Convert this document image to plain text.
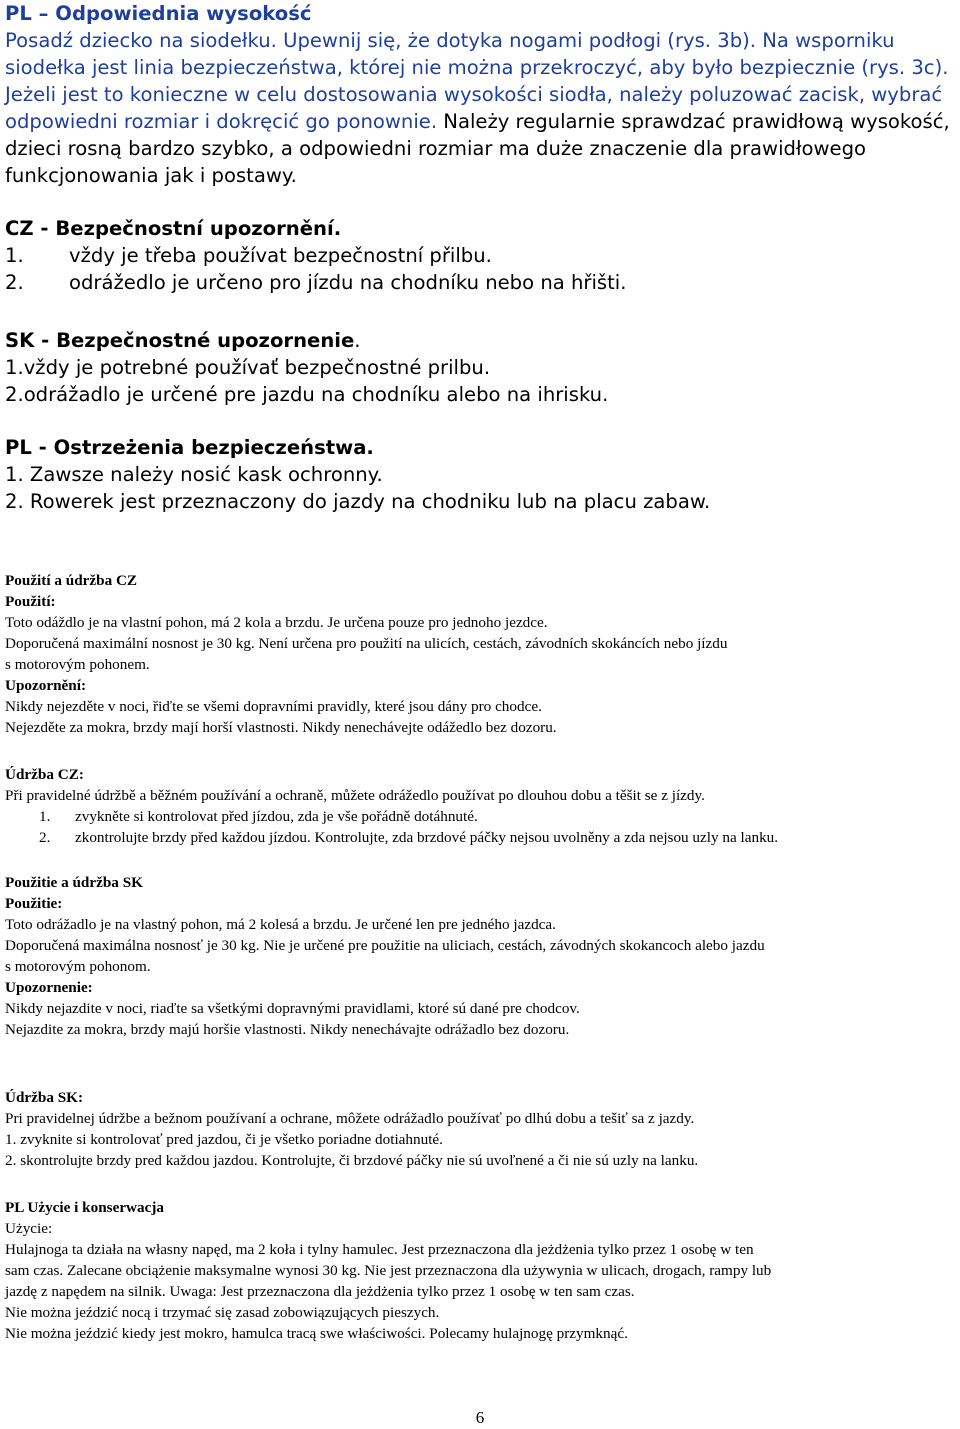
PL – Odpowiednia wysokość

Posadź dziecko na siodełku. Upewnij się, że dotyka nogami podłogi (rys. 3b). Na wsporniku siodełka jest linia bezpieczeństwa, której nie można przekroczyć, aby było bezpiecznie (rys. 3c). Jeżeli jest to konieczne w celu dostosowania wysokości siodła, należy poluzować zacisk, wybrać odpowiedni rozmiar i dokręcić go ponownie. Należy regularnie sprawdzać prawidłową wysokość, dzieci rosną bardzo szybko, a odpowiedni rozmiar ma duże znaczenie dla prawidłowego funkcjonowania jak i postawy.

CZ - Bezpečnostní upozornění.
1. vždy je třeba používat bezpečnostní přilbu.
2. odrážedlo je určeno pro jízdu na chodníku nebo na hřišti.
SK - Bezpečnostné upozornenie.
1.vždy je potrebné používať bezpečnostné prilbu.
2.odrážadlo je určené pre jazdu na chodníku alebo na ihrisku.
PL - Ostrzeżenia bezpieczeństwa.
1. Zawsze należy nosić kask ochronny.
2. Rowerek jest przeznaczony do jazdy na chodniku lub na placu zabaw.
Použití a údržba CZ
Použití:
Toto odáždlo je na vlastní pohon, má 2 kola a brzdu. Je určena pouze pro jednoho jezdce.
Doporučená maximální nosnost je 30 kg. Není určena pro použití na ulicích, cestách, závodních skokáncích nebo jízdu
s motorovým pohonem.
Upozornění:
Nikdy nejezděte v noci, řiďte se všemi dopravními pravidly, které jsou dány pro chodce.
Nejezděte za mokra, brzdy mají horší vlastnosti. Nikdy nenechávejte odážedlo bez dozoru.
Údržba CZ:
Při pravidelné údržbě a běžném používání a ochraně, můžete odrážedlo používat po dlouhou dobu a těšit se z jízdy.
1. zvykněte si kontrolovat před jízdou, zda je vše pořádně dotáhnuté.
2. zkontrolujte brzdy před každou jízdou. Kontrolujte, zda brzdové páčky nejsou uvolněny a zda nejsou uzly na lanku.
Použitie a údržba SK
Použitie:
Toto odrážadlo je na vlastný pohon, má 2 kolesá a brzdu. Je určené len pre jedného jazdca.
Doporučená maximálna nosnosť je 30 kg. Nie je určené pre použitie na uliciach, cestách, závodných skokancoch alebo jazdu
s motorovým pohonom.
Upozornenie:
Nikdy nejazdite v noci, riaďte sa všetkými dopravnými pravidlami, ktoré sú dané pre chodcov.
Nejazdite za mokra, brzdy majú horšie vlastnosti. Nikdy nenechávajte odrážadlo bez dozoru.
Údržba SK:
Pri pravidelnej údržbe a bežnom používaní a ochrane, môžete odrážadlo používať po dlhú dobu a tešiť sa z jazdy.
1. zvyknite si kontrolovať pred jazdou, či je všetko poriadne dotiahnuté.
2. skontrolujte brzdy pred každou jazdou. Kontrolujte, či brzdové páčky nie sú uvoľnené a či nie sú uzly na lanku.
PL Użycie i konserwacja
Użycie:
Hulajnoga ta działa na własny napęd, ma 2 koła i tylny hamulec. Jest przeznaczona dla jeżdżenia tylko przez 1 osobę w ten
sam czas. Zalecane obciążenie maksymalne wynosi 30 kg. Nie jest przeznaczona dla używynia w ulicach, drogach, rampy lub
jazdę z napędem na silnik. Uwaga: Jest przeznaczona dla jeżdżenia tylko przez 1 osobę w ten sam czas.
Nie można jeździć nocą i trzymać się zasad zobowiązujących pieszych.
Nie można jeździć kiedy jest mokro, hamulca tracą swe właściwości. Polecamy hulajnogę przymknąć.
6
